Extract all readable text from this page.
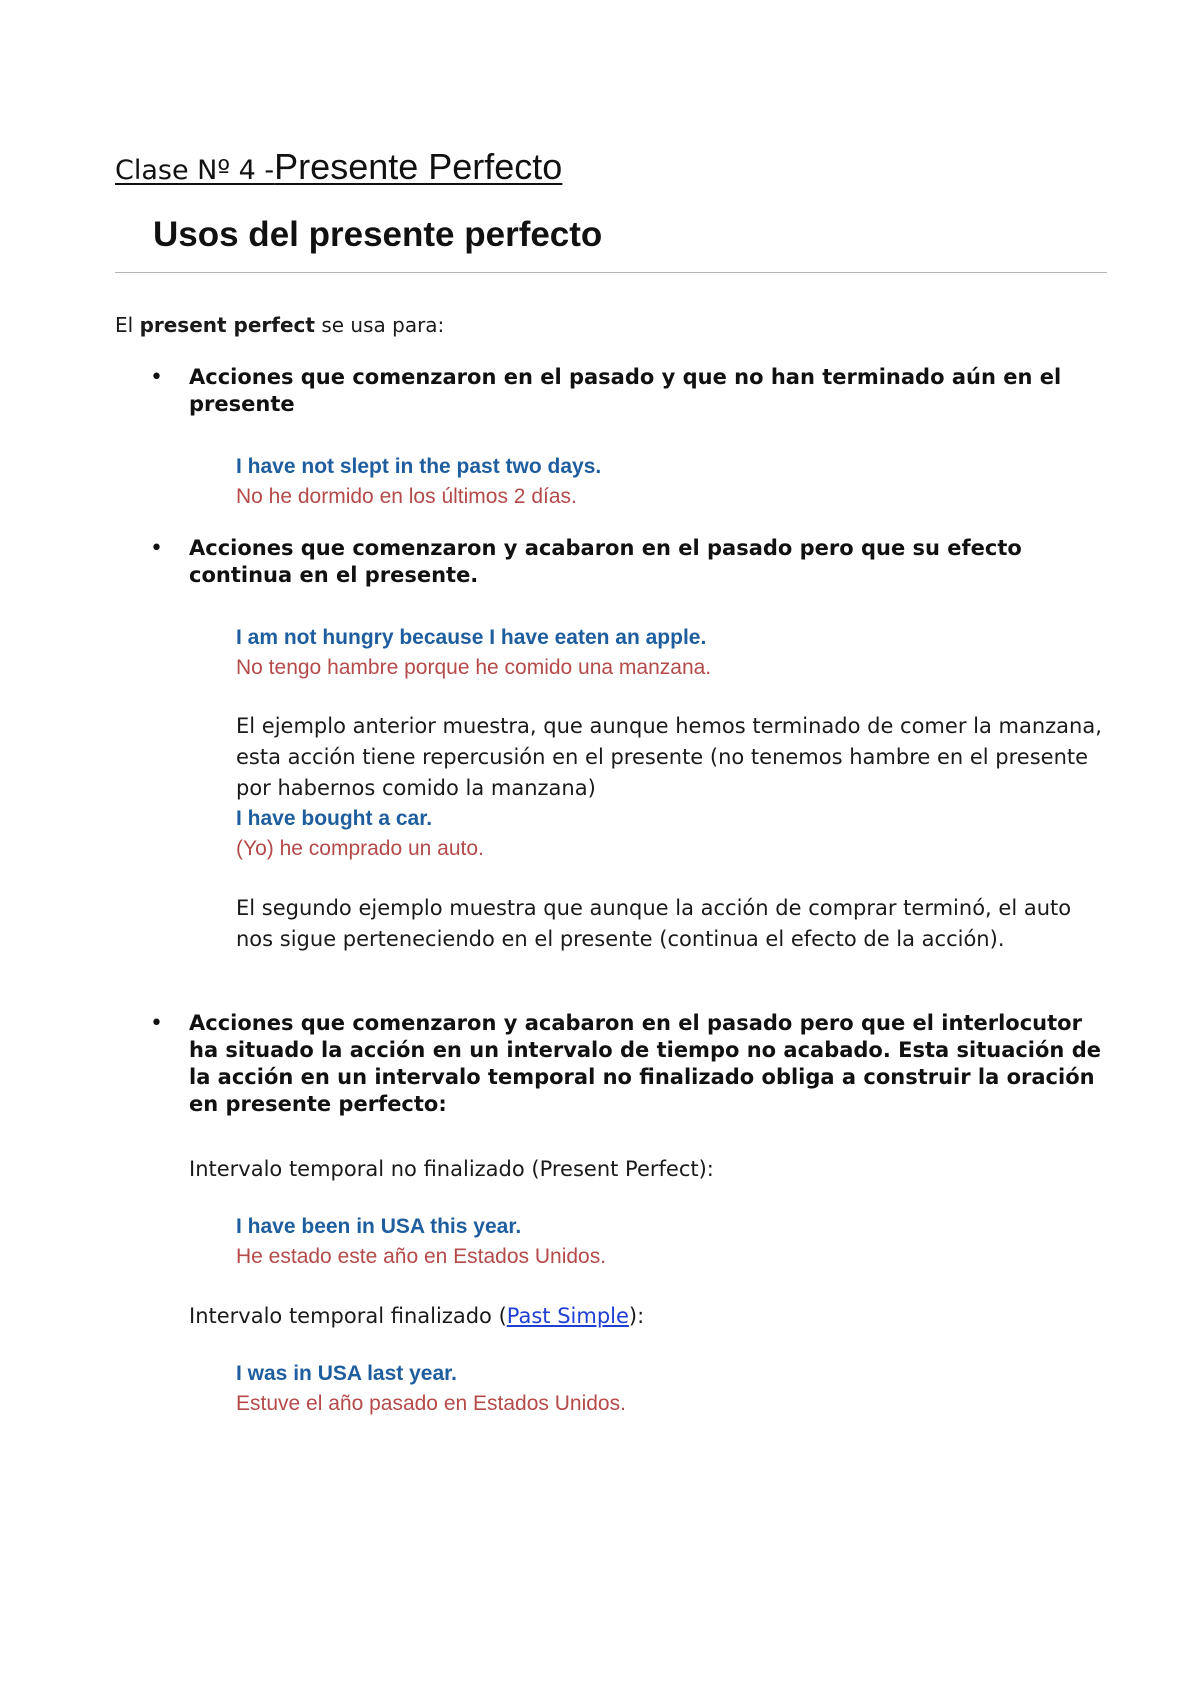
Clase Nº 4 -Presente Perfecto
Usos del presente perfecto

El present perfect se usa para:

• Acciones que comenzaron en el pasado y que no han terminado aún en el presente

I have not slept in the past two days.

No he dormido en los últimos 2 días.

• Acciones que comenzaron y acabaron en el pasado pero que su efecto continua en el presente.

I am not hungry because I have eaten an apple.

No tengo hambre porque he comido una manzana.

El ejemplo anterior muestra, que aunque hemos terminado de comer la manzana, esta acción tiene repercusión en el presente (no tenemos hambre en el presente por habernos comido la manzana)

I have bought a car.

(Yo) he comprado un auto.

El segundo ejemplo muestra que aunque la acción de comprar terminó, el auto nos sigue perteneciendo en el presente (continua el efecto de la acción).

• Acciones que comenzaron y acabaron en el pasado pero que el interlocutor ha situado la acción en un intervalo de tiempo no acabado. Esta situación de la acción en un intervalo temporal no finalizado obliga a construir la oración en presente perfecto:

Intervalo temporal no finalizado (Present Perfect):

I have been in USA this year.

He estado este año en Estados Unidos.

Intervalo temporal finalizado (Past Simple):

I was in USA last year.

Estuve el año pasado en Estados Unidos.
